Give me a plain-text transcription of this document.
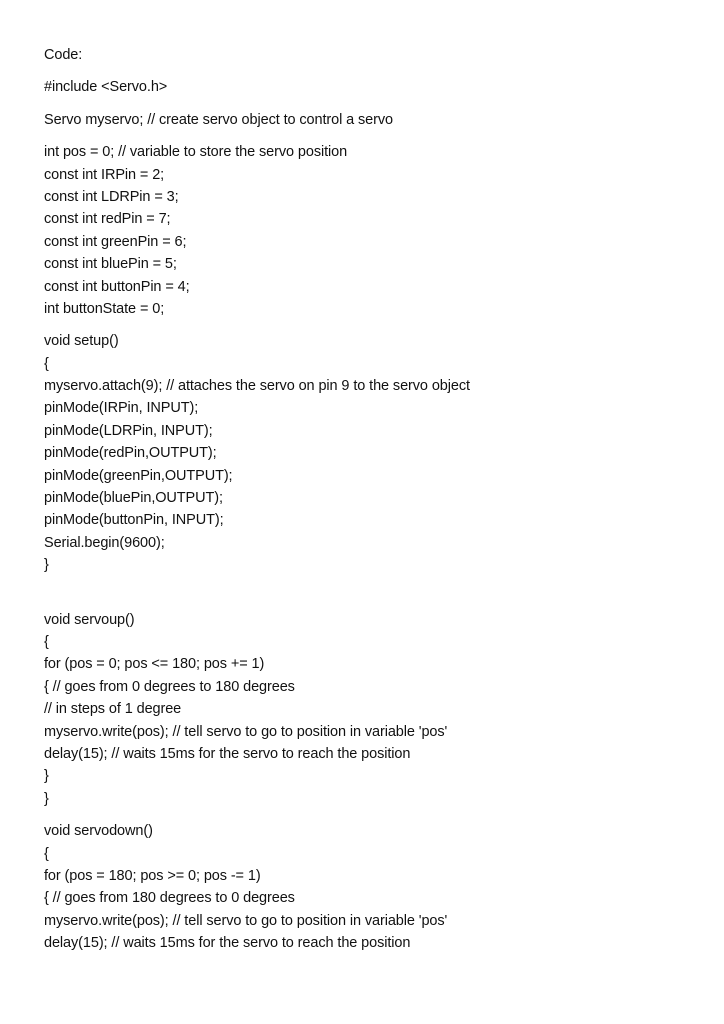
Code:
#include <Servo.h>
Servo myservo; // create servo object to control a servo
int pos = 0; // variable to store the servo position
const int IRPin = 2;
const int LDRPin = 3;
const int redPin = 7;
const int greenPin = 6;
const int bluePin = 5;
const int buttonPin = 4;
int buttonState = 0;
void setup()
{
myservo.attach(9); // attaches the servo on pin 9 to the servo object
pinMode(IRPin, INPUT);
pinMode(LDRPin, INPUT);
pinMode(redPin,OUTPUT);
pinMode(greenPin,OUTPUT);
pinMode(bluePin,OUTPUT);
pinMode(buttonPin, INPUT);
Serial.begin(9600);
}
void servoup()
{
for (pos = 0; pos <= 180; pos += 1)
{ // goes from 0 degrees to 180 degrees
// in steps of 1 degree
myservo.write(pos); // tell servo to go to position in variable 'pos'
delay(15); // waits 15ms for the servo to reach the position
}
}
void servodown()
{
for (pos = 180; pos >= 0; pos -= 1)
{ // goes from 180 degrees to 0 degrees
myservo.write(pos); // tell servo to go to position in variable 'pos'
delay(15); // waits 15ms for the servo to reach the position
